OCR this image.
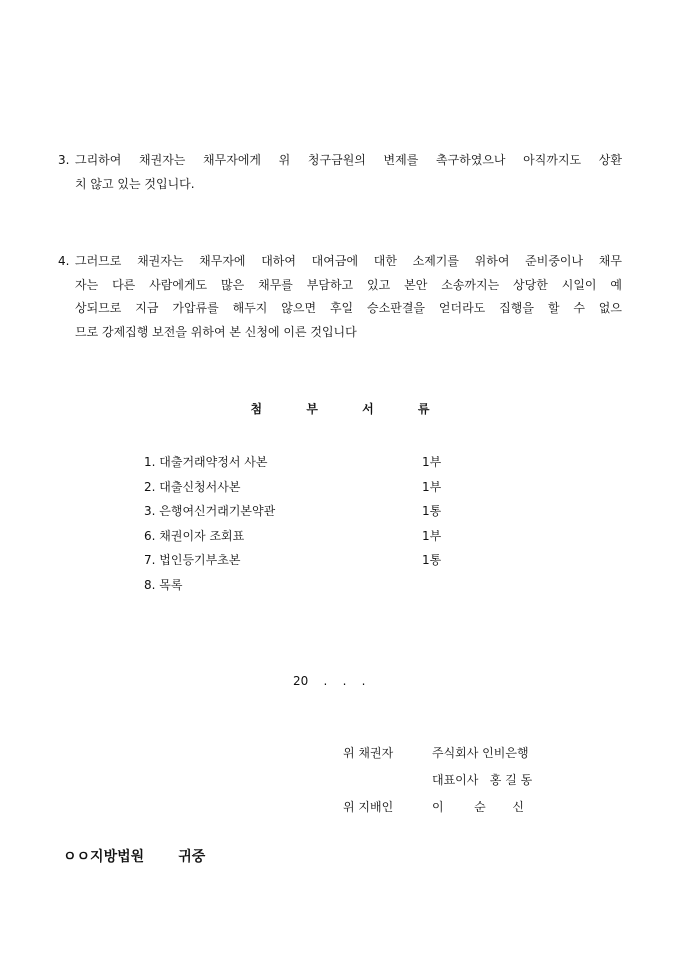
3. 그리하여 채권자는 채무자에게 위 청구금원의 변제를 촉구하였으나 아직까지도 상환
치 않고 있는 것입니다.
4. 그러므로 채권자는 채무자에 대하여 대여금에 대한 소제기를 위하여 준비중이나 채무
자는 다른 사람에게도 많은 채무를 부담하고 있고 본안 소송까지는 상당한 시일이 예
상되므로 지금 가압류를 해두지 않으면 후일 승소판결을 얻더라도 집행을 할 수 없으
므로 강제집행 보전을 위하여 본 신청에 이른 것입니다
첨 부 서 류
1. 대출거래약정서 사본	1부
2. 대출신청서사본	1부
3. 은행여신거래기본약관	1통
6. 채권이자 조회표	1부
7. 법인등기부초본	1통
8. 목록
20    .    .    .
위 채권자	주식회사 인비은행
대표이사   홍 길 동
위 지배인	이        순       신
ㅇㅇ지방법원       귀중
